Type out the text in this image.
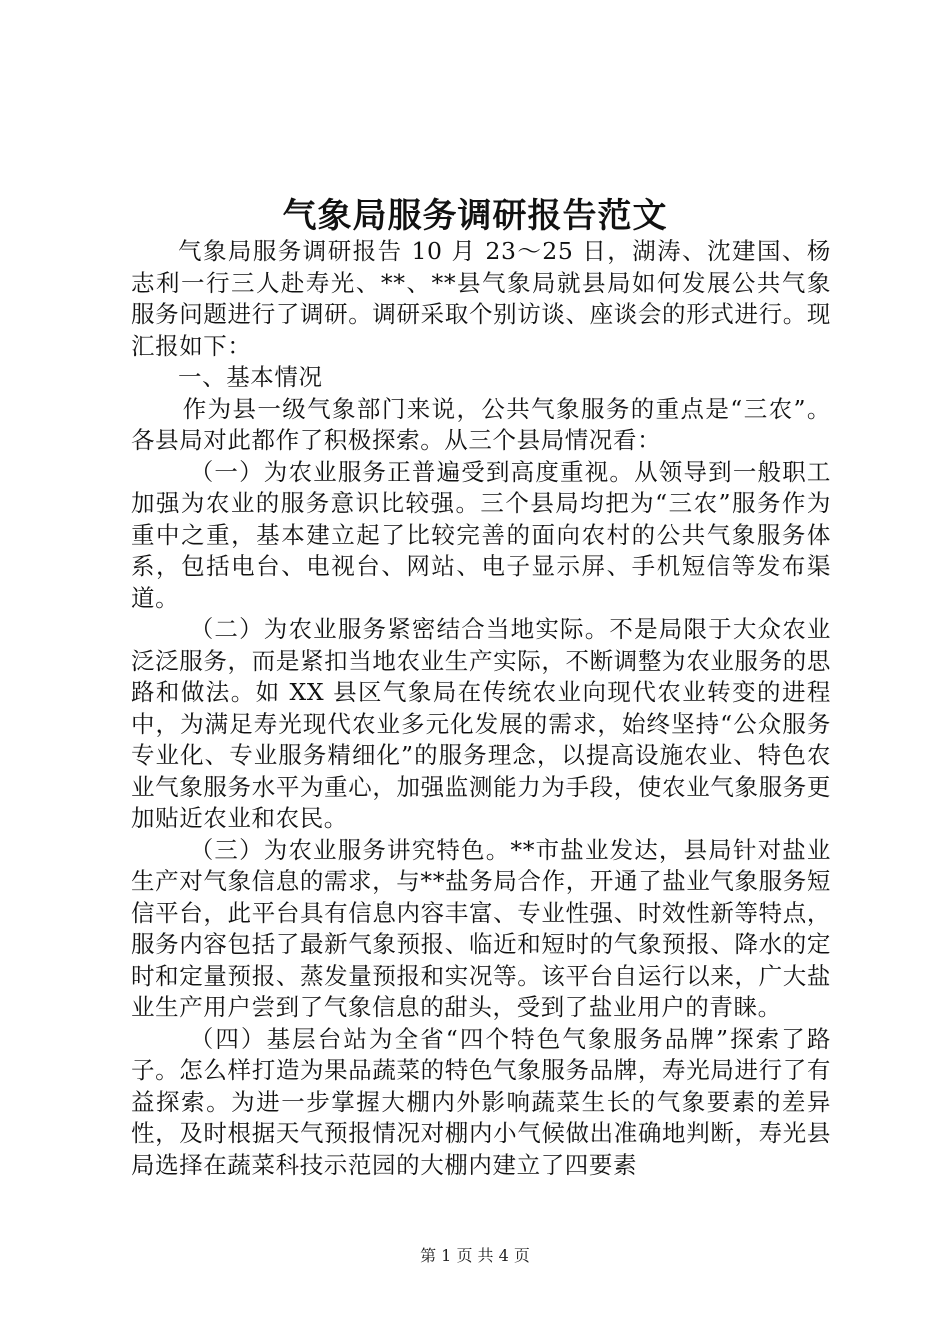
气象局服务调研报告范文

气象局服务调研报告 10 月 23～25 日，湖涛、沈建国、杨志利一行三人赴寿光、**、**县气象局就县局如何发展公共气象服务问题进行了调研。调研采取个别访谈、座谈会的形式进行。现汇报如下：

一、基本情况

作为县一级气象部门来说，公共气象服务的重点是“三农”。各县局对此都作了积极探索。从三个县局情况看：

（一）为农业服务正普遍受到高度重视。从领导到一般职工加强为农业的服务意识比较强。三个县局均把为“三农”服务作为重中之重，基本建立起了比较完善的面向农村的公共气象服务体系，包括电台、电视台、网站、电子显示屏、手机短信等发布渠道。

（二）为农业服务紧密结合当地实际。不是局限于大众农业泛泛服务，而是紧扣当地农业生产实际，不断调整为农业服务的思路和做法。如 XX 县区气象局在传统农业向现代农业转变的进程中，为满足寿光现代农业多元化发展的需求，始终坚持“公众服务专业化、专业服务精细化”的服务理念，以提高设施农业、特色农业气象服务水平为重心，加强监测能力为手段，使农业气象服务更加贴近农业和农民。

（三）为农业服务讲究特色。**市盐业发达，县局针对盐业生产对气象信息的需求，与**盐务局合作，开通了盐业气象服务短信平台，此平台具有信息内容丰富、专业性强、时效性新等特点，服务内容包括了最新气象预报、临近和短时的气象预报、降水的定时和定量预报、蒸发量预报和实况等。该平台自运行以来，广大盐业生产用户尝到了气象信息的甜头，受到了盐业用户的青睐。

（四）基层台站为全省“四个特色气象服务品牌”探索了路子。怎么样打造为果品蔬菜的特色气象服务品牌，寿光局进行了有益探索。为进一步掌握大棚内外影响蔬菜生长的气象要素的差异性，及时根据天气预报情况对棚内小气候做出准确地判断，寿光县局选择在蔬菜科技示范园的大棚内建立了四要素

第 1 页 共 4 页
